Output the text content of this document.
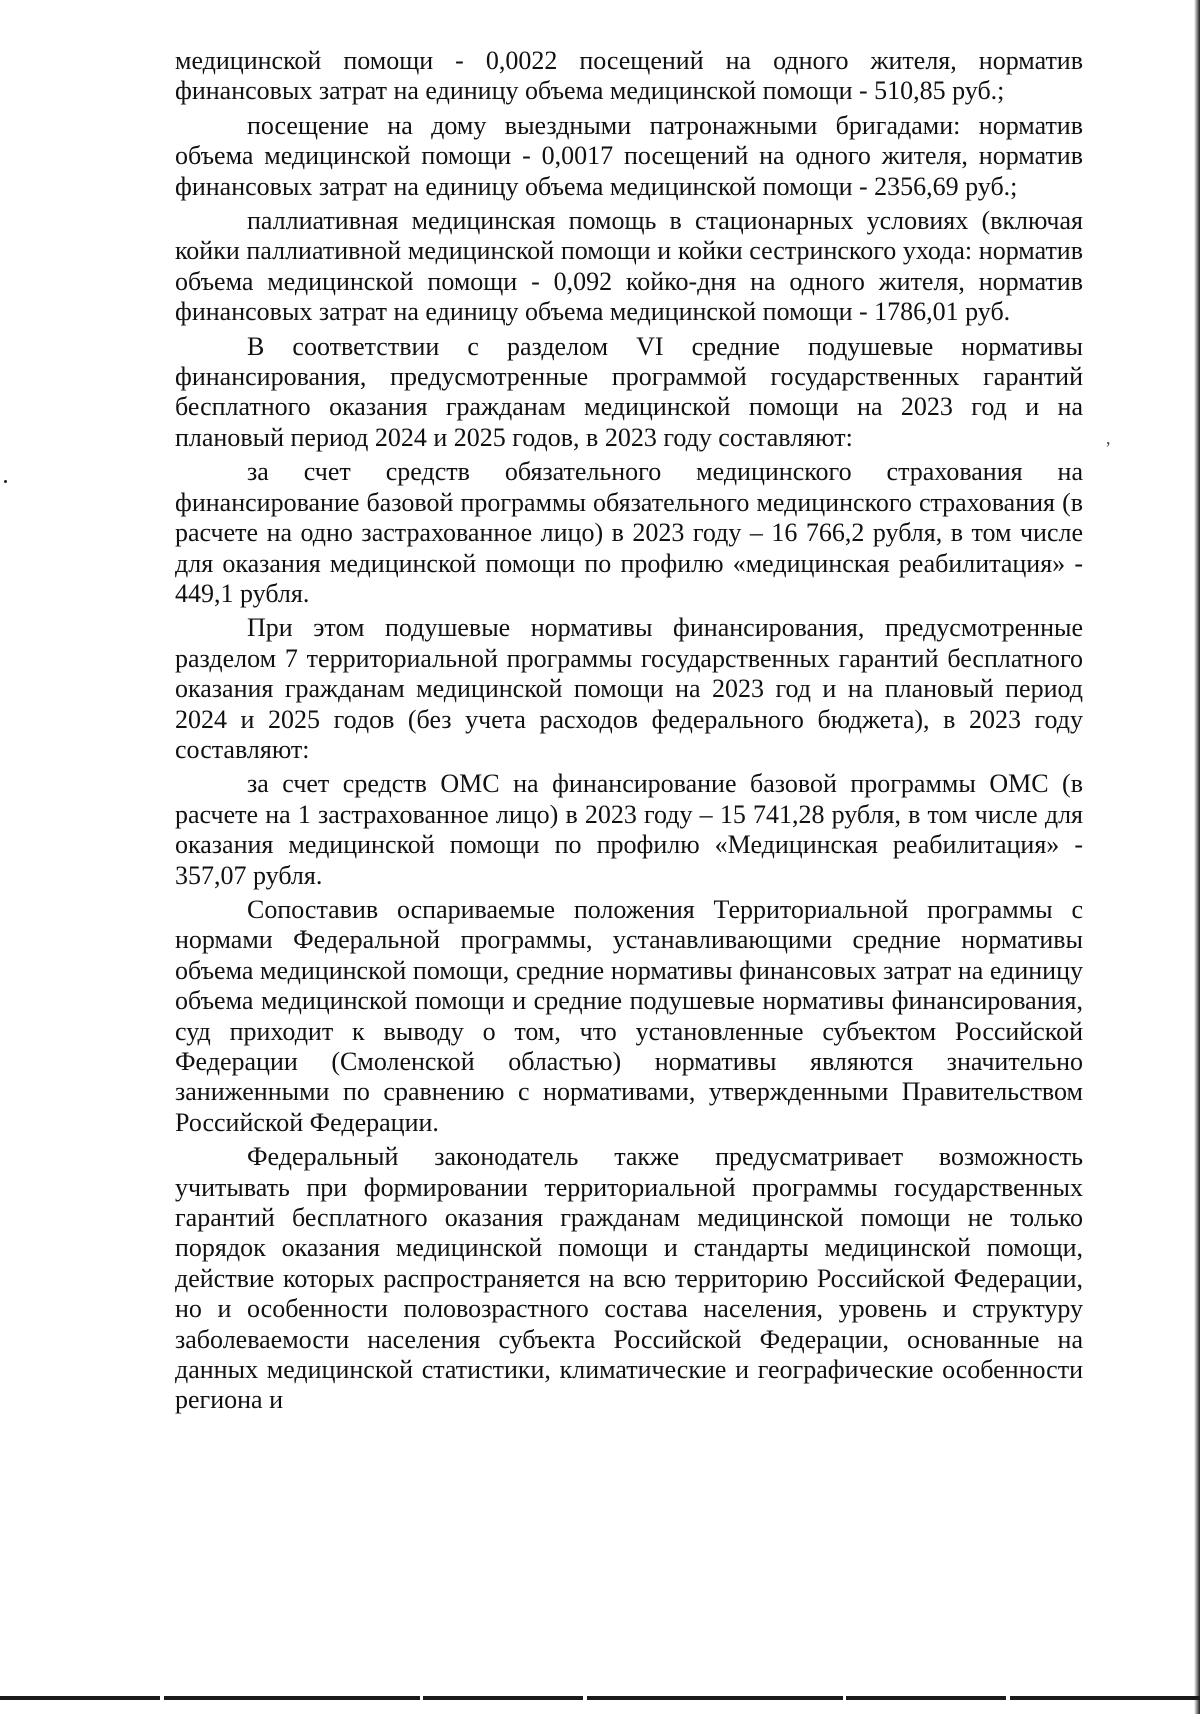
медицинской помощи - 0,0022 посещений на одного жителя, норматив финансовых затрат на единицу объема медицинской помощи - 510,85 руб.;

посещение на дому выездными патронажными бригадами: норматив объема медицинской помощи - 0,0017 посещений на одного жителя, норматив финансовых затрат на единицу объема медицинской помощи - 2356,69 руб.;

паллиативная медицинская помощь в стационарных условиях (включая койки паллиативной медицинской помощи и койки сестринского ухода: норматив объема медицинской помощи - 0,092 койко-дня на одного жителя, норматив финансовых затрат на единицу объема медицинской помощи - 1786,01 руб.

В соответствии с разделом VI средние подушевые нормативы финансирования, предусмотренные программой государственных гарантий бесплатного оказания гражданам медицинской помощи на 2023 год и на плановый период 2024 и 2025 годов, в 2023 году составляют:

за счет средств обязательного медицинского страхования на финансирование базовой программы обязательного медицинского страхования (в расчете на одно застрахованное лицо) в 2023 году – 16 766,2 рубля, в том числе для оказания медицинской помощи по профилю «медицинская реабилитация» - 449,1 рубля.

При этом подушевые нормативы финансирования, предусмотренные разделом 7 территориальной программы государственных гарантий бесплатного оказания гражданам медицинской помощи на 2023 год и на плановый период 2024 и 2025 годов (без учета расходов федерального бюджета), в 2023 году составляют:

за счет средств ОМС на финансирование базовой программы ОМС (в расчете на 1 застрахованное лицо) в 2023 году – 15 741,28 рубля, в том числе для оказания медицинской помощи по профилю «Медицинская реабилитация» - 357,07 рубля.

Сопоставив оспариваемые положения Территориальной программы с нормами Федеральной программы, устанавливающими средние нормативы объема медицинской помощи, средние нормативы финансовых затрат на единицу объема медицинской помощи и средние подушевые нормативы финансирования, суд приходит к выводу о том, что установленные субъектом Российской Федерации (Смоленской областью) нормативы являются значительно заниженными по сравнению с нормативами, утвержденными Правительством Российской Федерации.

Федеральный законодатель также предусматривает возможность учитывать при формировании территориальной программы государственных гарантий бесплатного оказания гражданам медицинской помощи не только порядок оказания медицинской помощи и стандарты медицинской помощи, действие которых распространяется на всю территорию Российской Федерации, но и особенности половозрастного состава населения, уровень и структуру заболеваемости населения субъекта Российской Федерации, основанные на данных медицинской статистики, климатические и географические особенности региона и

,
